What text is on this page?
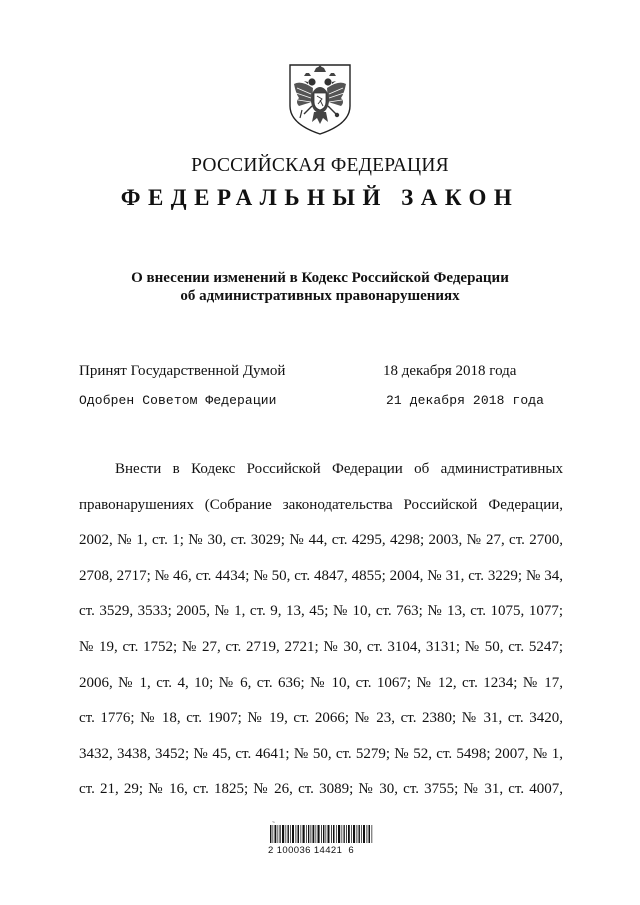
РОССИЙСКАЯ ФЕДЕРАЦИЯ
ФЕДЕРАЛЬНЫЙ ЗАКОН
О внесении изменений в Кодекс Российской Федерации
об административных правонарушениях
Принят Государственной Думой	18 декабря 2018 года
Одобрен Советом Федерации	21 декабря 2018 года
Внести в Кодекс Российской Федерации об административных
правонарушениях (Собрание законодательства Российской Федерации,
2002, № 1, ст. 1; № 30, ст. 3029; № 44, ст. 4295, 4298; 2003, № 27, ст. 2700,
2708, 2717; № 46, ст. 4434; № 50, ст. 4847, 4855; 2004, № 31, ст. 3229; № 34,
ст. 3529, 3533; 2005, № 1, ст. 9, 13, 45; № 10, ст. 763; № 13, ст. 1075, 1077;
№ 19, ст. 1752; № 27, ст. 2719, 2721; № 30, ст. 3104, 3131; № 50, ст. 5247;
2006, № 1, ст. 4, 10; № 6, ст. 636; № 10, ст. 1067; № 12, ст. 1234; № 17,
ст. 1776; № 18, ст. 1907; № 19, ст. 2066; № 23, ст. 2380; № 31, ст. 3420,
3432, 3438, 3452; № 45, ст. 4641; № 50, ст. 5279; № 52, ст. 5498; 2007, № 1,
ст. 21, 29; № 16, ст. 1825; № 26, ст. 3089; № 30, ст. 3755; № 31, ст. 4007,
~
2 100036 14421  6
